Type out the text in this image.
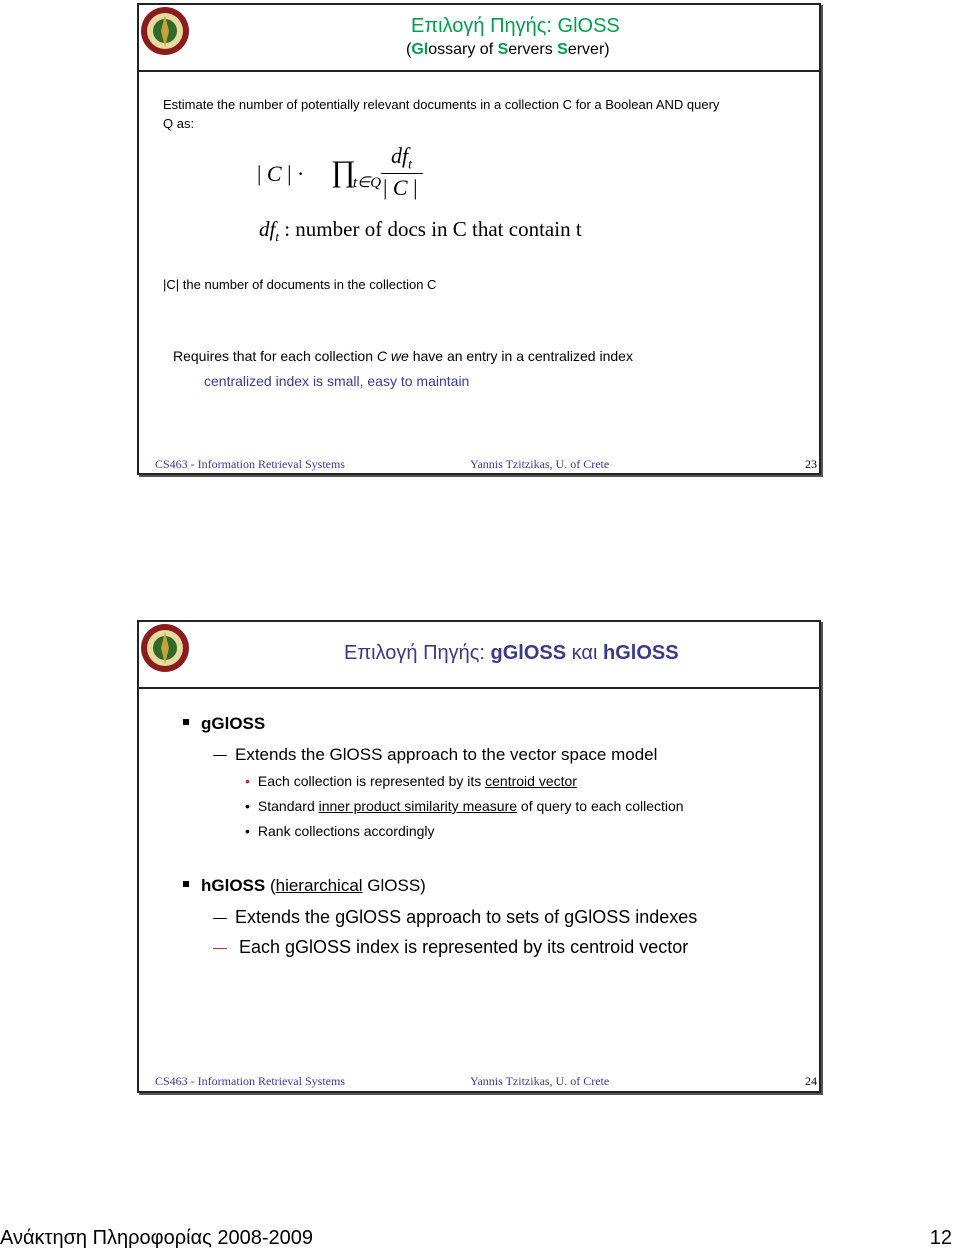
Επιλογή Πηγής: GlOSS
(Glossary of Servers Server)
Estimate the number of potentially relevant documents in a collection C for a Boolean AND query
Q as:
| C | · ∏
t∈Q
$df_t$
| C |
$df_t$ : number of docs in C that contain t
|C| the number of documents in the collection C
Requires that for each collection C we have an entry in a centralized index
centralized index is small, easy to maintain
CS463 - Information Retrieval Systems	Yannis Tzitzikas, U. of Crete	23
Επιλογή Πηγής: gGlOSS και hGlOSS
gGlOSS
Extends the GlOSS approach to the vector space model
• Each collection is represented by its centroid vector
• Standard inner product similarity measure of query to each collection
• Rank collections accordingly
hGlOSS (hierarchical GlOSS)
Extends the gGlOSS approach to sets of gGlOSS indexes
Each gGlOSS index is represented by its centroid vector
CS463 - Information Retrieval Systems	Yannis Tzitzikas, U. of Crete	24
Ανάκτηση Πληροφορίας 2008-2009	12
